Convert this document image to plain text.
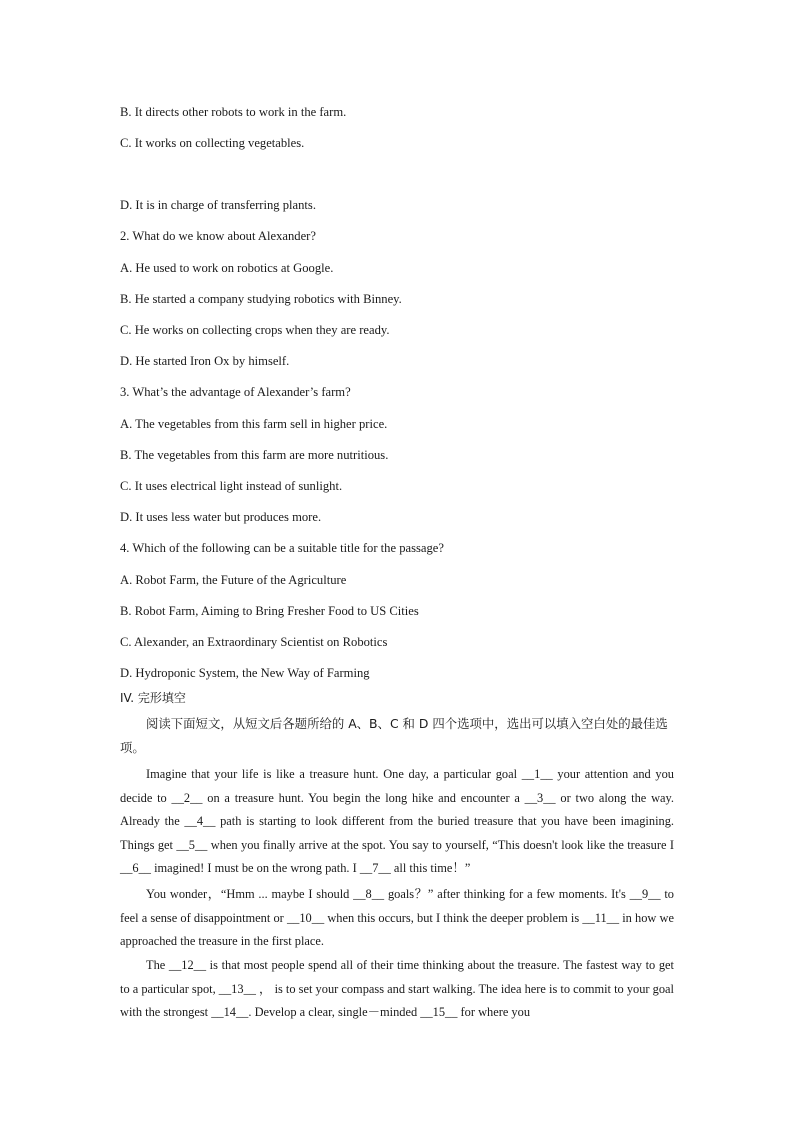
B. It directs other robots to work in the farm.
C. It works on collecting vegetables.
D. It is in charge of transferring plants.
2. What do we know about Alexander?
A. He used to work on robotics at Google.
B. He started a company studying robotics with Binney.
C. He works on collecting crops when they are ready.
D. He started Iron Ox by himself.
3. What’s the advantage of Alexander’s farm?
A. The vegetables from this farm sell in higher price.
B. The vegetables from this farm are more nutritious.
C. It uses electrical light instead of sunlight.
D. It uses less water but produces more.
4. Which of the following can be a suitable title for the passage?
A. Robot Farm, the Future of the Agriculture
B. Robot Farm, Aiming to Bring Fresher Food to US Cities
C. Alexander, an Extraordinary Scientist on Robotics
D. Hydroponic System, the New Way of Farming
IV. 完形填空
阅读下面短文，从短文后各题所给的 A、B、C 和 D 四个选项中，选出可以填入空白处的最佳选项。
Imagine that your life is like a treasure hunt. One day, a particular goal __1__ your attention and you decide to __2__ on a treasure hunt. You begin the long hike and encounter a __3__ or two along the way. Already the __4__ path is starting to look different from the buried treasure that you have been imagining. Things get __5__ when you finally arrive at the spot. You say to yourself, “This doesn't look like the treasure I __6__ imagined! I must be on the wrong path. I __7__ all this time！”
You wonder，“Hmm ... maybe I should __8__ goals？” after thinking for a few moments. It's __9__ to feel a sense of disappointment or __10__ when this occurs, but I think the deeper problem is __11__ in how we approached the treasure in the first place.
The __12__ is that most people spend all of their time thinking about the treasure. The fastest way to get to a particular spot, __13__ ， is to set your compass and start walking. The idea here is to commit to your goal with the strongest __14__. Develop a clear, single－minded __15__ for where you
